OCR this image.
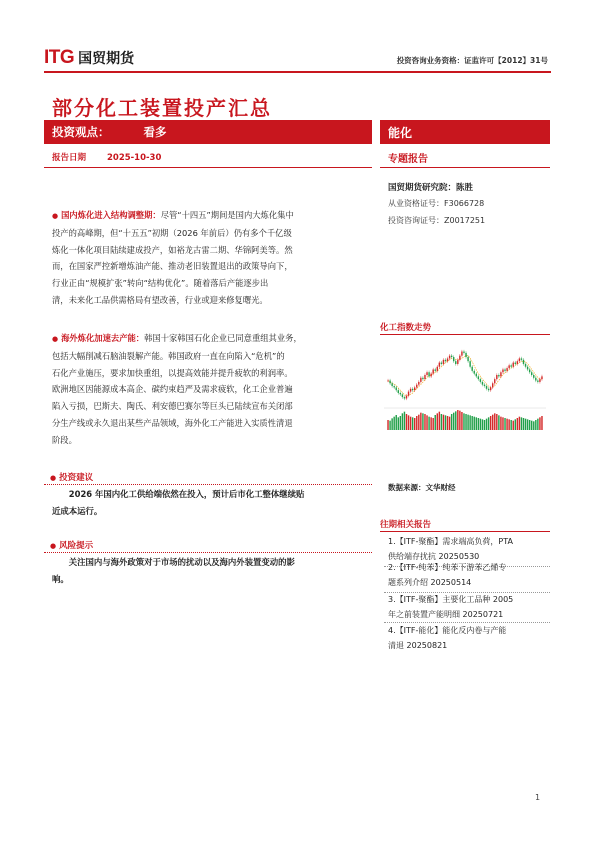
ITG 国贸期货	投资咨询业务资格：证监许可【2012】31号
部分化工装置投产汇总
投资观点：	看多	能化
报告日期 2025-10-30	专题报告
国贸期货研究院：陈胜
从业资格证号：F3066728
投资咨询证号：Z0017251
● 国内炼化进入结构调整期：尽管“十四五”期间是国内大炼化集中
投产的高峰期，但“十五五”初期（2026 年前后）仍有多个千亿级
炼化一体化项目陆续建成投产，如裕龙古雷二期、华锦阿美等。然
而，在国家严控新增炼油产能、推动老旧装置退出的政策导向下，
行业正由“规模扩张”转向“结构优化”。随着落后产能逐步出
清，未来化工品供需格局有望改善，行业或迎来修复曙光。
● 海外炼化加速去产能：韩国十家韩国石化企业已同意重组其业务，
包括大幅削减石脑油裂解产能。韩国政府一直在向陷入“危机”的
石化产业施压，要求加快重组，以提高效能并提升疲软的利润率。
欧洲地区因能源成本高企、碳约束趋严及需求疲软，化工企业普遍
陷入亏损，巴斯夫、陶氏、利安德巴赛尔等巨头已陆续宣布关闭部
分生产线或永久退出某些产品领域，海外化工产能进入实质性清退
阶段。
● 投资建议
2026 年国内化工供给端依然在投入，预计后市化工整体继续贴
近成本运行。
● 风险提示
关注国内与海外政策对于市场的扰动以及海内外装置变动的影
响。
化工指数走势
数据来源：文华财经
往期相关报告
1.【ITF-聚酯】需求端高负荷，PTA
供给端存扰抗 20250530
2.【ITF-纯苯】纯苯下游苯乙烯专
题系列介绍 20250514
3.【ITF-聚酯】主要化工品种 2005
年之前装置产能明细 20250721
4.【ITF-能化】能化反内卷与产能
清退 20250821
1
